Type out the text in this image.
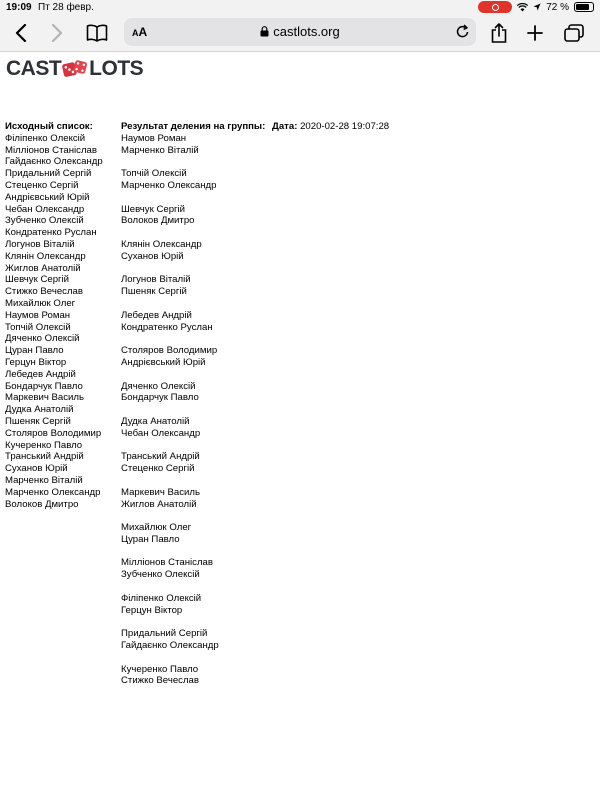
19:09 Пт 28 февр.	72 %
AA	castlots.org
CAST LOTS
Исходный список:
Філіпенко Олексій
Мілліонов Станіслав
Гайдаєнко Олександр
Придальний Сергій
Стеценко Сергій
Андрієвський Юрій
Чебан Олександр
Зубченко Олексій
Кондратенко Руслан
Логунов Віталій
Клянін Олександр
Жиглов Анатолій
Шевчук Сергій
Стижко Вечеслав
Михайлюк Олег
Наумов Роман
Топчій Олексій
Дяченко Олексій
Цуран Павло
Герцун Віктор
Лебедев Андрій
Бондарчук Павло
Маркевич Василь
Дудка Анатолій
Пшеняк Сергій
Столяров Володимир
Кучеренко Павло
Транський Андрій
Суханов Юрій
Марченко Віталій
Марченко Олександр
Волоков Дмитро
Результат деления на группы: Дата: 2020-02-28 19:07:28
Наумов Роман
Марченко Віталій
Топчій Олексій
Марченко Олександр
Шевчук Сергій
Волоков Дмитро
Клянін Олександр
Суханов Юрій
Логунов Віталій
Пшеняк Сергій
Лебедев Андрій
Кондратенко Руслан
Столяров Володимир
Андрієвський Юрій
Дяченко Олексій
Бондарчук Павло
Дудка Анатолій
Чебан Олександр
Транський Андрій
Стеценко Сергій
Маркевич Василь
Жиглов Анатолій
Михайлюк Олег
Цуран Павло
Мілліонов Станіслав
Зубченко Олексій
Філіпенко Олексій
Герцун Віктор
Придальний Сергій
Гайдаєнко Олександр
Кучеренко Павло
Стижко Вечеслав
